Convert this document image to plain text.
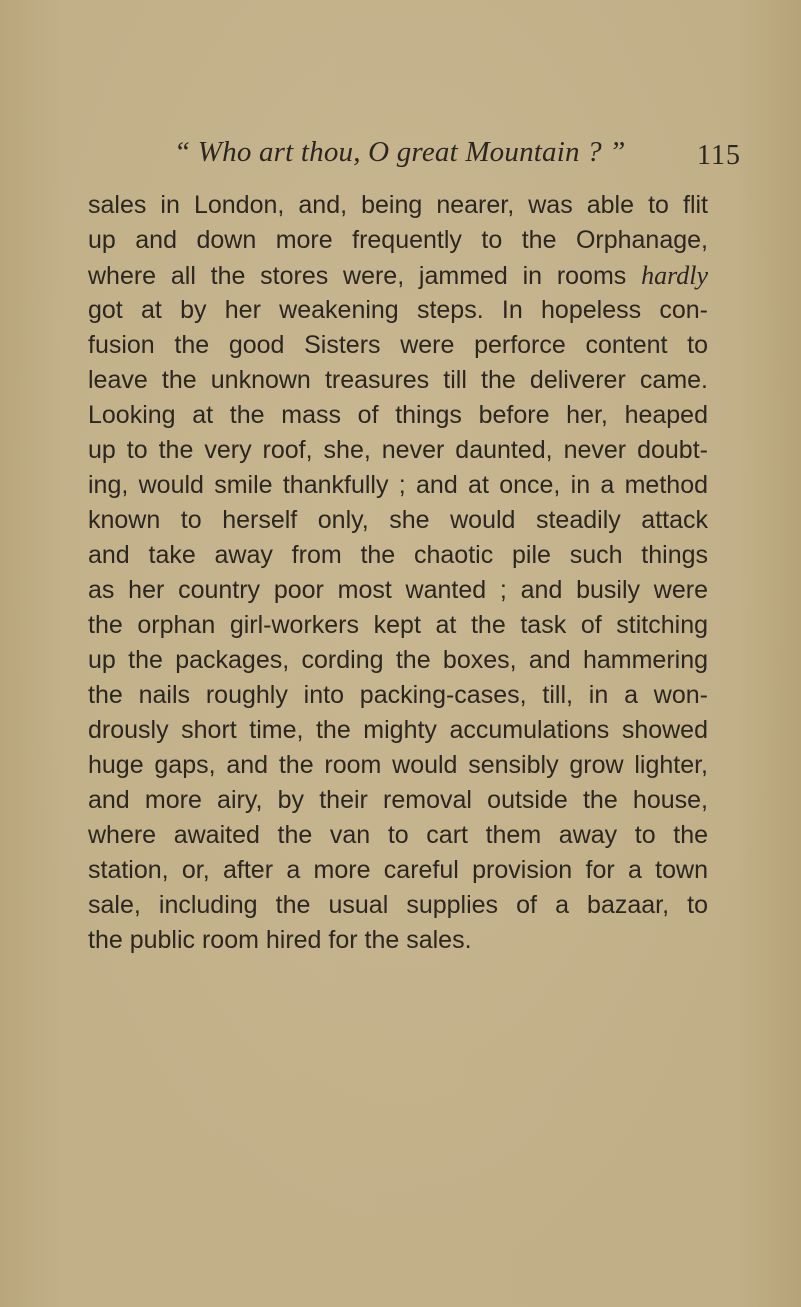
“ Who art thou, O great Mountain ? ”	115
sales in London, and, being nearer, was able to flit
up and down more frequently to the Orphanage,
where all the stores were, jammed in rooms hardly
got at by her weakening steps. In hopeless con-
fusion the good Sisters were perforce content to
leave the unknown treasures till the deliverer came.
Looking at the mass of things before her, heaped
up to the very roof, she, never daunted, never doubt-
ing, would smile thankfully ; and at once, in a method
known to herself only, she would steadily attack
and take away from the chaotic pile such things
as her country poor most wanted ; and busily were
the orphan girl-workers kept at the task of stitching
up the packages, cording the boxes, and hammering
the nails roughly into packing-cases, till, in a won-
drously short time, the mighty accumulations showed
huge gaps, and the room would sensibly grow lighter,
and more airy, by their removal outside the house,
where awaited the van to cart them away to the
station, or, after a more careful provision for a town
sale, including the usual supplies of a bazaar, to
the public room hired for the sales.
